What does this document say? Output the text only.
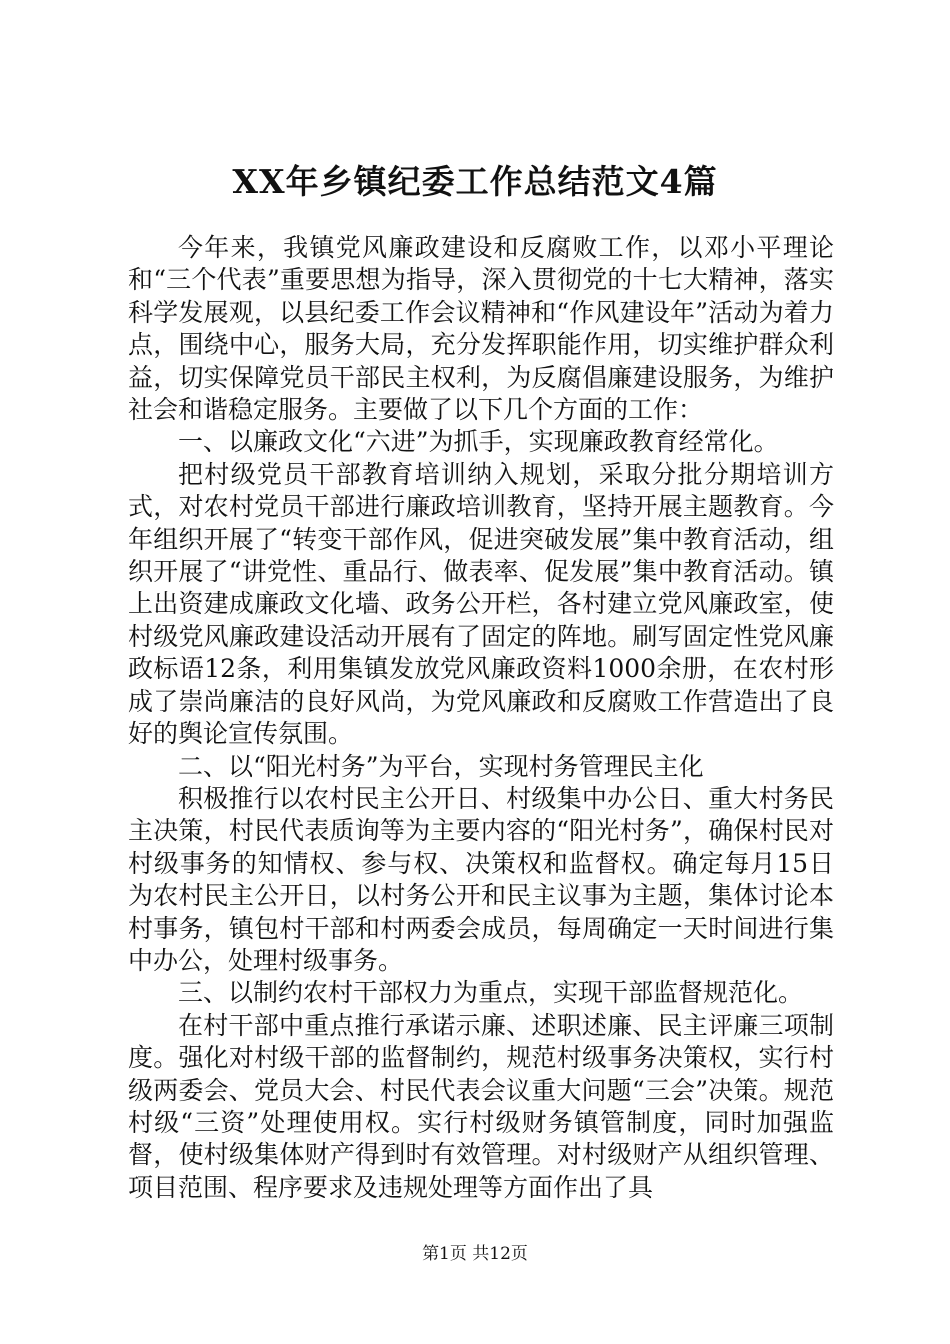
XX年乡镇纪委工作总结范文4篇

今年来，我镇党风廉政建设和反腐败工作，以邓小平理论和“三个代表”重要思想为指导，深入贯彻党的十七大精神，落实科学发展观，以县纪委工作会议精神和“作风建设年”活动为着力点，围绕中心，服务大局，充分发挥职能作用，切实维护群众利益，切实保障党员干部民主权利，为反腐倡廉建设服务，为维护社会和谐稳定服务。主要做了以下几个方面的工作：

一、以廉政文化“六进”为抓手，实现廉政教育经常化。

把村级党员干部教育培训纳入规划，采取分批分期培训方式，对农村党员干部进行廉政培训教育，坚持开展主题教育。今年组织开展了“转变干部作风，促进突破发展”集中教育活动，组织开展了“讲党性、重品行、做表率、促发展”集中教育活动。镇上出资建成廉政文化墙、政务公开栏，各村建立党风廉政室，使村级党风廉政建设活动开展有了固定的阵地。刷写固定性党风廉政标语12条，利用集镇发放党风廉政资料1000余册，在农村形成了崇尚廉洁的良好风尚，为党风廉政和反腐败工作营造出了良好的舆论宣传氛围。

二、以“阳光村务”为平台，实现村务管理民主化

积极推行以农村民主公开日、村级集中办公日、重大村务民主决策，村民代表质询等为主要内容的“阳光村务”，确保村民对村级事务的知情权、参与权、决策权和监督权。确定每月15日为农村民主公开日，以村务公开和民主议事为主题，集体讨论本村事务，镇包村干部和村两委会成员，每周确定一天时间进行集中办公，处理村级事务。

三、以制约农村干部权力为重点，实现干部监督规范化。

在村干部中重点推行承诺示廉、述职述廉、民主评廉三项制度。强化对村级干部的监督制约，规范村级事务决策权，实行村级两委会、党员大会、村民代表会议重大问题“三会”决策。规范村级“三资”处理使用权。实行村级财务镇管制度，同时加强监督，使村级集体财产得到时有效管理。对村级财产从组织管理、项目范围、程序要求及违规处理等方面作出了具

第1页 共12页
